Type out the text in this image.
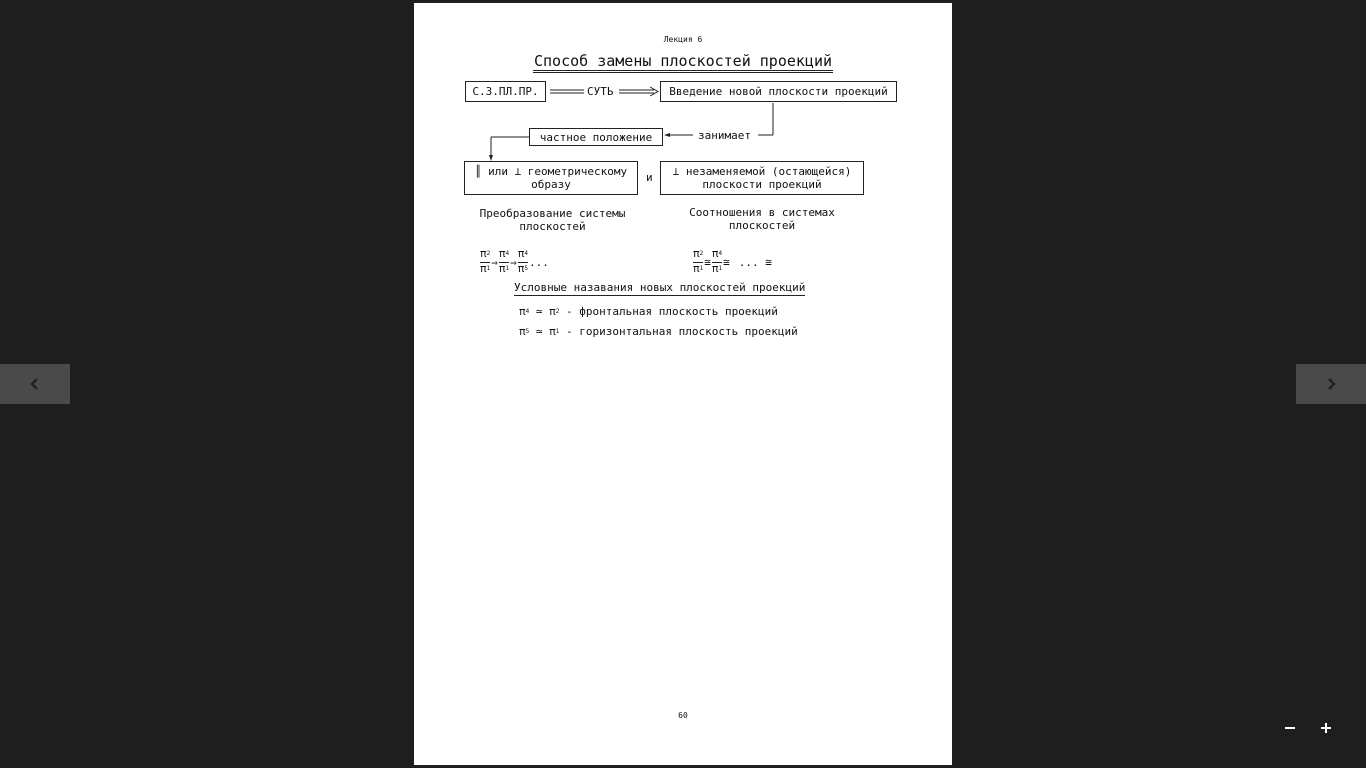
Лекция 6
Способ замены плоскостей проекций
С.З.ПЛ.ПР.	СУТЬ	Введение новой плоскости проекций
занимает
частное положение
║ или ⊥ геометрическому
образу
и	⊥ незаменяемой (остающейся)
плоскости проекций
Преобразование системы
плоскостей
Соотношения в системах
плоскостей
$\frac{\pi_2}{\pi_1}$ ⇒ $\frac{\pi_4}{\pi_1}$ ⇒ $\frac{\pi_4}{\pi_5}$ ...	$\frac{\pi_2}{\pi_1}$ ≅ $\frac{\pi_4}{\pi_1}$ ≅ ... ≅
Условные назавания новых плоскостей проекций
$\pi_4$ ≃ $\pi_2$ - фронтальная плоскость проекций
$\pi_5$ ≃ $\pi_1$ - горизонтальная плоскость проекций
60
